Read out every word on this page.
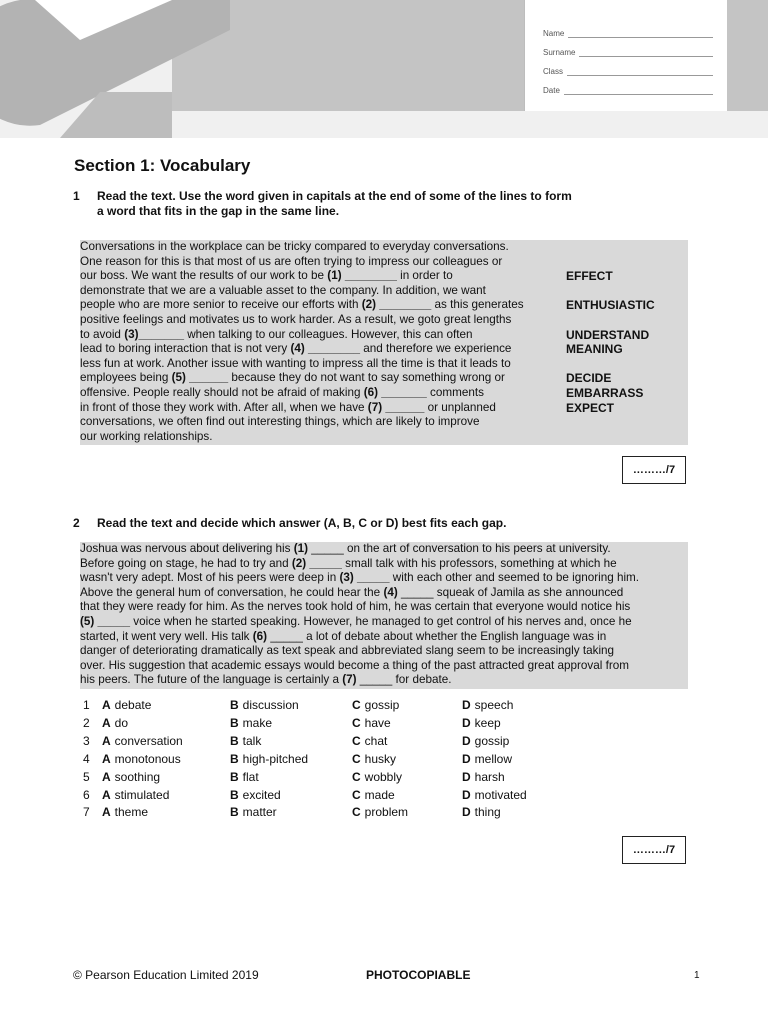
Name
Surname
Class
Date
Section 1: Vocabulary
1 Read the text. Use the word given in capitals at the end of some of the lines to form
a word that fits in the gap in the same line.
Conversations in the workplace can be tricky compared to everyday conversations.
One reason for this is that most of us are often trying to impress our colleagues or
our boss. We want the results of our work to be (1) ________ in order to
demonstrate that we are a valuable asset to the company. In addition, we want
people who are more senior to receive our efforts with (2) ________ as this generates
positive feelings and motivates us to work harder. As a result, we goto great lengths
to avoid (3)_______ when talking to our colleagues. However, this can often
lead to boring interaction that is not very (4) ________ and therefore we experience
less fun at work. Another issue with wanting to impress all the time is that it leads to
employees being (5) ______ because they do not want to say something wrong or
offensive. People really should not be afraid of making (6) _______ comments
in front of those they work with. After all, when we have (7) ______ or unplanned
conversations, we often find out interesting things, which are likely to improve
our working relationships.
EFFECT
ENTHUSIASTIC
UNDERSTAND
MEANING
DECIDE
EMBARRASS
EXPECT
………/7
2 Read the text and decide which answer (A, B, C or D) best fits each gap.
Joshua was nervous about delivering his (1) _____ on the art of conversation to his peers at university.
Before going on stage, he had to try and (2) _____ small talk with his professors, something at which he
wasn't very adept. Most of his peers were deep in (3) _____ with each other and seemed to be ignoring him.
Above the general hum of conversation, he could hear the (4) _____ squeak of Jamila as she announced
that they were ready for him. As the nerves took hold of him, he was certain that everyone would notice his
(5) _____ voice when he started speaking. However, he managed to get control of his nerves and, once he
started, it went very well. His talk (6) _____ a lot of debate about whether the English language was in
danger of deteriorating dramatically as text speak and abbreviated slang seem to be increasingly taking
over. His suggestion that academic essays would become a thing of the past attracted great approval from
his peers. The future of the language is certainly a (7) _____ for debate.
1 A debate	B discussion	C gossip	D speech
2 A do	B make	C have	D keep
3 A conversation	B talk	C chat	D gossip
4 A monotonous	B high-pitched	C husky	D mellow
5 A soothing	B flat	C wobbly	D harsh
6 A stimulated	B excited	C made	D motivated
7 A theme	B matter	C problem	D thing
………/7
© Pearson Education Limited 2019	PHOTOCOPIABLE	1
